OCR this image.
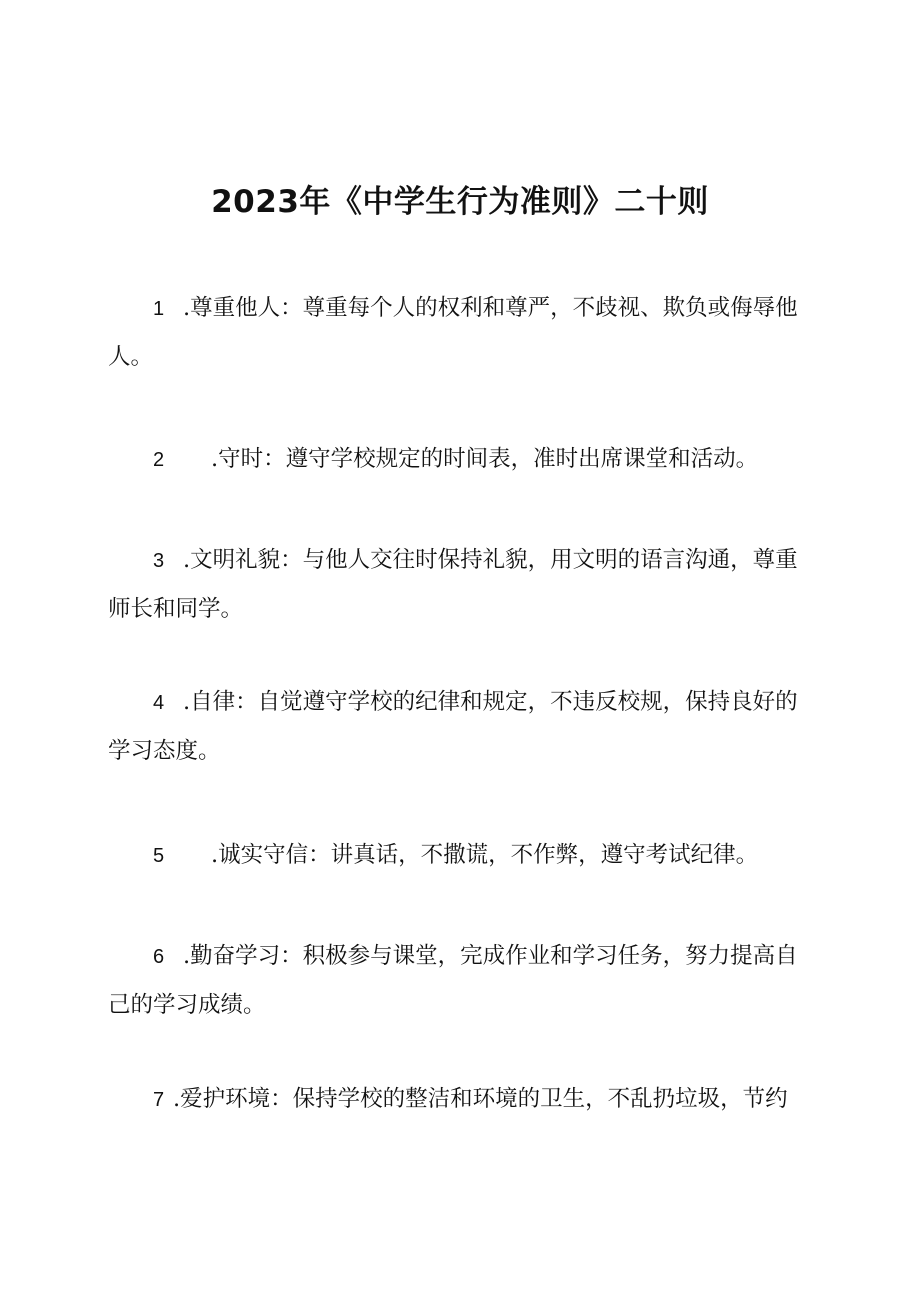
2023年《中学生行为准则》二十则

1 .尊重他人：尊重每个人的权利和尊严，不歧视、欺负或侮辱他

人。

2 .守时：遵守学校规定的时间表，准时出席课堂和活动。

3 .文明礼貌：与他人交往时保持礼貌，用文明的语言沟通，尊重

师长和同学。

4 .自律：自觉遵守学校的纪律和规定，不违反校规，保持良好的

学习态度。

5 .诚实守信：讲真话，不撒谎，不作弊，遵守考试纪律。

6 .勤奋学习：积极参与课堂，完成作业和学习任务，努力提高自

己的学习成绩。

7 .爱护环境：保持学校的整洁和环境的卫生，不乱扔垃圾，节约
